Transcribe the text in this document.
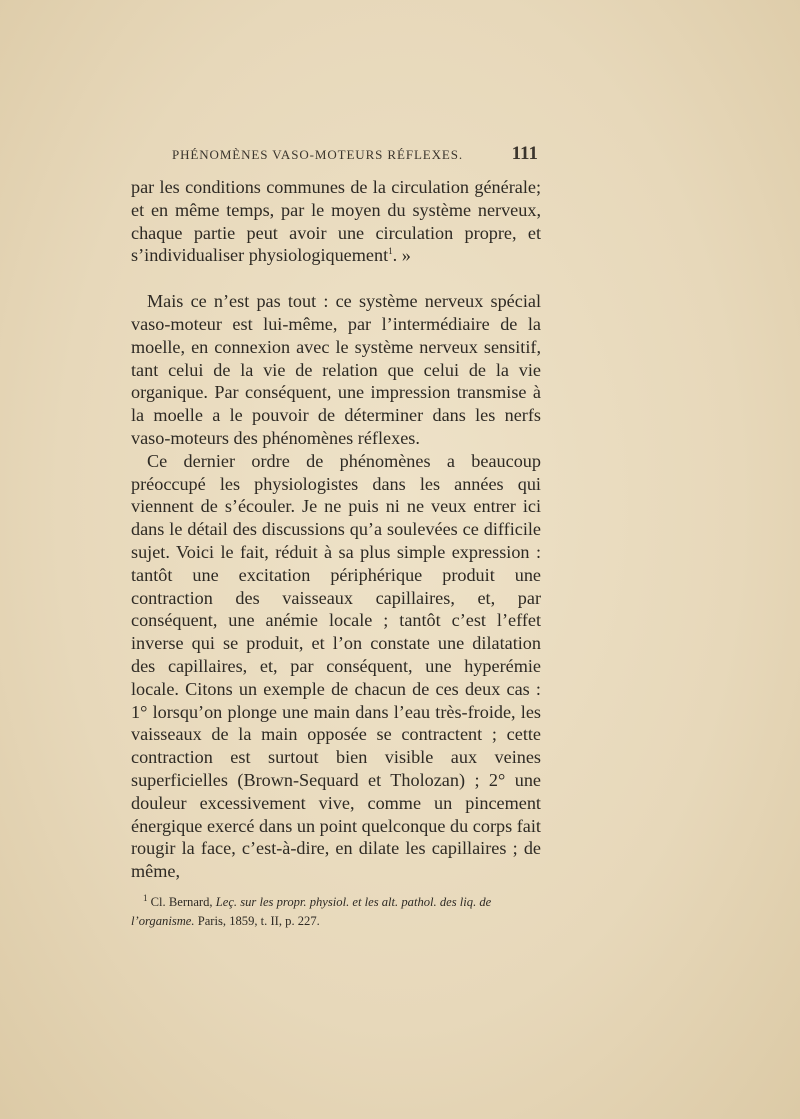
PHÉNOMÈNES VASO-MOTEURS RÉFLEXES.	111

par les conditions communes de la circulation générale; et en même temps, par le moyen du système nerveux, chaque partie peut avoir une circulation propre, et s’individualiser physiologiquement$^1$. »

Mais ce n’est pas tout : ce système nerveux spécial vaso-moteur est lui-même, par l’intermédiaire de la moelle, en connexion avec le système nerveux sensitif, tant celui de la vie de relation que celui de la vie organique. Par conséquent, une impression transmise à la moelle a le pouvoir de déterminer dans les nerfs vaso-moteurs des phénomènes réflexes.

Ce dernier ordre de phénomènes a beaucoup préoccupé les physiologistes dans les années qui viennent de s’écouler. Je ne puis ni ne veux entrer ici dans le détail des discussions qu’a soulevées ce difficile sujet. Voici le fait, réduit à sa plus simple expression : tantôt une excitation périphérique produit une contraction des vaisseaux capillaires, et, par conséquent, une anémie locale ; tantôt c’est l’effet inverse qui se produit, et l’on constate une dilatation des capillaires, et, par conséquent, une hyperémie locale. Citons un exemple de chacun de ces deux cas : 1° lorsqu’on plonge une main dans l’eau très-froide, les vaisseaux de la main opposée se contractent ; cette contraction est surtout bien visible aux veines superficielles (Brown-Sequard et Tholozan) ; 2° une douleur excessivement vive, comme un pincement énergique exercé dans un point quelconque du corps fait rougir la face, c’est-à-dire, en dilate les capillaires ; de même,

$^1$ Cl. Bernard, Leç. sur les propr. physiol. et les alt. pathol. des liq. de l’organisme. Paris, 1859, t. II, p. 227.
